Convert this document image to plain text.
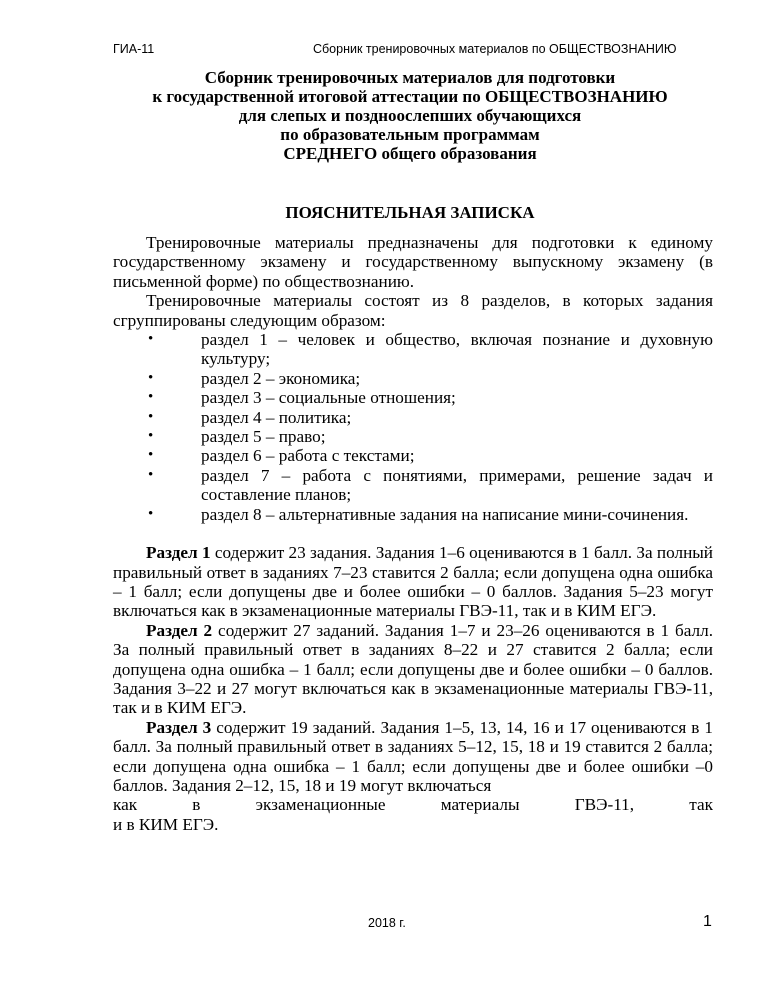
ГИА-11	Сборник тренировочных материалов по ОБЩЕСТВОЗНАНИЮ
Сборник тренировочных материалов для подготовки
к государственной итоговой аттестации по ОБЩЕСТВОЗНАНИЮ
для слепых и поздноослепших обучающихся
по образовательным программам
СРЕДНЕГО общего образования
ПОЯСНИТЕЛЬНАЯ ЗАПИСКА

Тренировочные материалы предназначены для подготовки к единому государственному экзамену и государственному выпускному экзамену (в письменной форме) по обществознанию.

Тренировочные материалы состоят из 8 разделов, в которых задания сгруппированы следующим образом:

•	раздел 1 – человек и общество, включая познание и духовную культуру;
•	раздел 2 – экономика;
•	раздел 3 – социальные отношения;
•	раздел 4 – политика;
•	раздел 5 – право;
•	раздел 6 – работа с текстами;
•	раздел 7 – работа с понятиями, примерами, решение задач и составление планов;
•	раздел 8 – альтернативные задания на написание мини-сочинения.

Раздел 1 содержит 23 задания. Задания 1–6 оцениваются в 1 балл. За полный правильный ответ в заданиях 7–23 ставится 2 балла; если допущена одна ошибка – 1 балл; если допущены две и более ошибки – 0 баллов. Задания 5–23 могут включаться как в экзаменационные материалы ГВЭ-11, так и в КИМ ЕГЭ.

Раздел 2 содержит 27 заданий. Задания 1–7 и 23–26 оцениваются в 1 балл. За полный правильный ответ в заданиях 8–22 и 27 ставится 2 балла; если допущена одна ошибка – 1 балл; если допущены две и более ошибки – 0 баллов. Задания 3–22 и 27 могут включаться как в экзаменационные материалы ГВЭ-11, так и в КИМ ЕГЭ.

Раздел 3 содержит 19 заданий. Задания 1–5, 13, 14, 16 и 17 оцениваются в 1 балл. За полный правильный ответ в заданиях 5–12, 15, 18 и 19 ставится 2 балла; если допущена одна ошибка – 1 балл; если допущены две и более ошибки –0 баллов. Задания 2–12, 15, 18 и 19 могут включаться

как в экзаменационные материалы ГВЭ-11, так
и в КИМ ЕГЭ.
2018 г.	1
